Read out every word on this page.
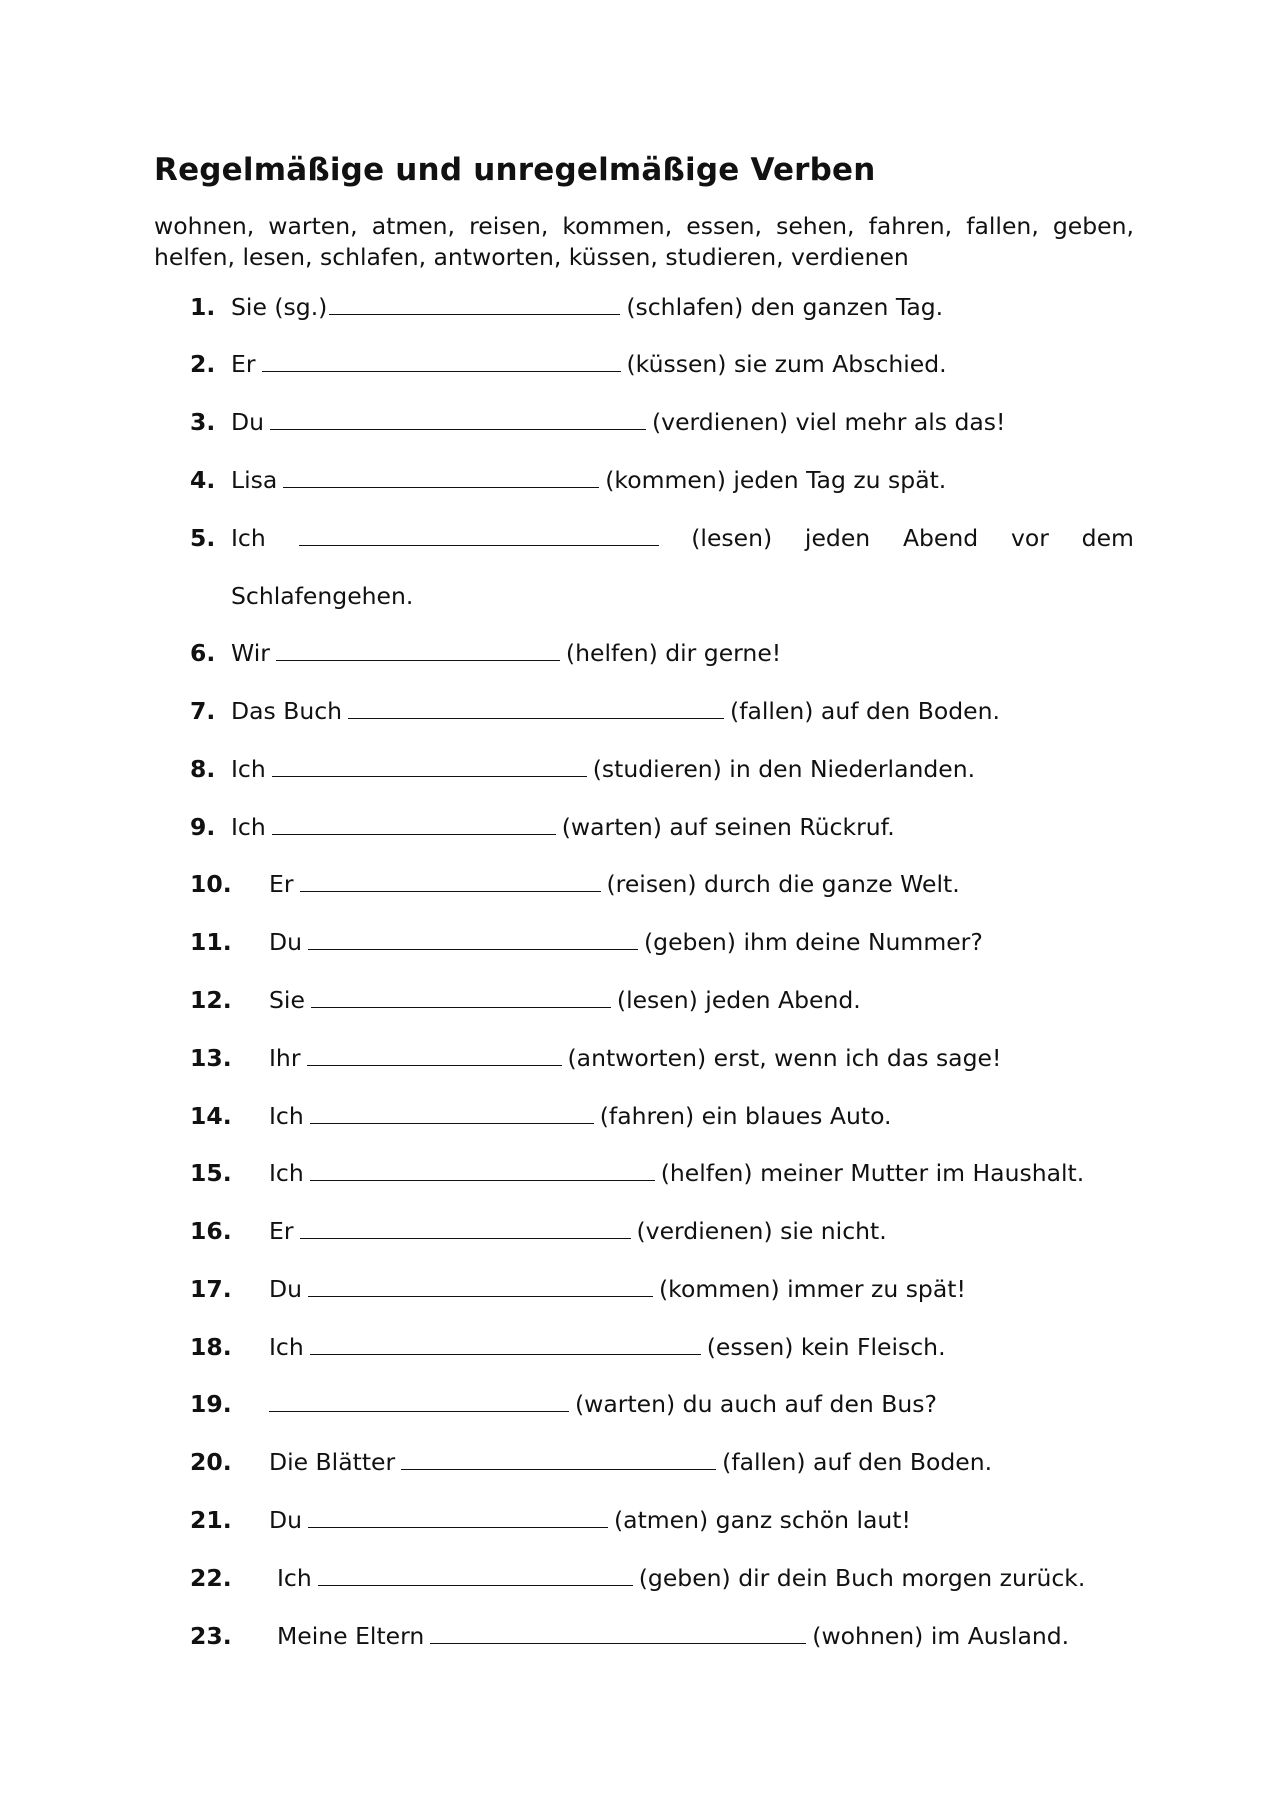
Regelmäßige und unregelmäßige Verben
wohnen, warten, atmen, reisen, kommen, essen, sehen, fahren, fallen, geben, helfen, lesen, schlafen, antworten, küssen, studieren, verdienen
1. Sie (sg.)	(schlafen) den ganzen Tag.
2. Er	(küssen) sie zum Abschied.
3. Du	(verdienen) viel mehr als das!
4. Lisa	(kommen) jeden Tag zu spät.
5. Ich	(lesen) jeden Abend vor dem
Schlafengehen.
6. Wir	(helfen) dir gerne!
7. Das Buch	(fallen) auf den Boden.
8. Ich	(studieren) in den Niederlanden.
9. Ich	(warten) auf seinen Rückruf.
10. Er	(reisen) durch die ganze Welt.
11. Du	(geben) ihm deine Nummer?
12. Sie	(lesen) jeden Abend.
13. Ihr	(antworten) erst, wenn ich das sage!
14. Ich	(fahren) ein blaues Auto.
15. Ich	(helfen) meiner Mutter im Haushalt.
16. Er	(verdienen) sie nicht.
17. Du	(kommen) immer zu spät!
18. Ich	(essen) kein Fleisch.
19.	(warten) du auch auf den Bus?
20. Die Blätter	(fallen) auf den Boden.
21. Du	(atmen) ganz schön laut!
22. Ich	(geben) dir dein Buch morgen zurück.
23. Meine Eltern	(wohnen) im Ausland.
